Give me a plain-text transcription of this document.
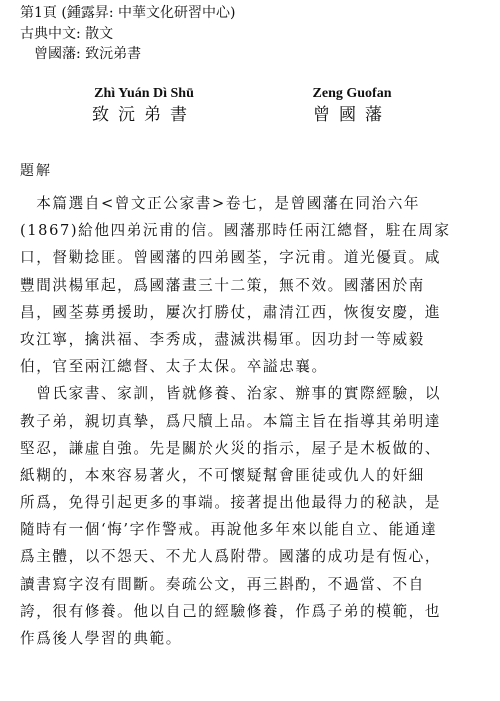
第1頁 (鍾露昇: 中華文化研習中心)
古典中文: 散文
曾國藩: 致沅弟書
Zhì Yuán Dì Shū
致沅弟書
Zeng Guofan
曾國藩
題解
　本篇選自<曾文正公家書>卷七，是曾國藩在同治六年
(1867)給他四弟沅甫的信。國藩那時任兩江總督，駐在周家
口，督勦捻匪。曾國藩的四弟國荃，字沅甫。道光優貢。咸
豐間洪楊軍起，爲國藩畫三十二策，無不效。國藩困於南
昌，國荃募勇援助，屢次打勝仗，肅清江西，恢復安慶，進
攻江寧，擒洪福、李秀成，盡滅洪楊軍。因功封一等威毅
伯，官至兩江總督、太子太保。卒謚忠襄。
　曾氏家書、家訓，皆就修養、治家、辦事的實際經驗，以
教子弟，親切真摯，爲尺牘上品。本篇主旨在指導其弟明達
堅忍，謙虛自強。先是關於火災的指示，屋子是木板做的、
紙糊的，本來容易著火，不可懷疑幫會匪徒或仇人的奸細
所爲，免得引起更多的事端。接著提出他最得力的秘訣，是
隨時有一個‘悔’字作警戒。再說他多年來以能自立、能通達
爲主體，以不怨天、不尤人爲附帶。國藩的成功是有恆心，
讀書寫字沒有間斷。奏疏公文，再三斟酌，不過當、不自
誇，很有修養。他以自己的經驗修養，作爲子弟的模範，也
作爲後人學習的典範。
